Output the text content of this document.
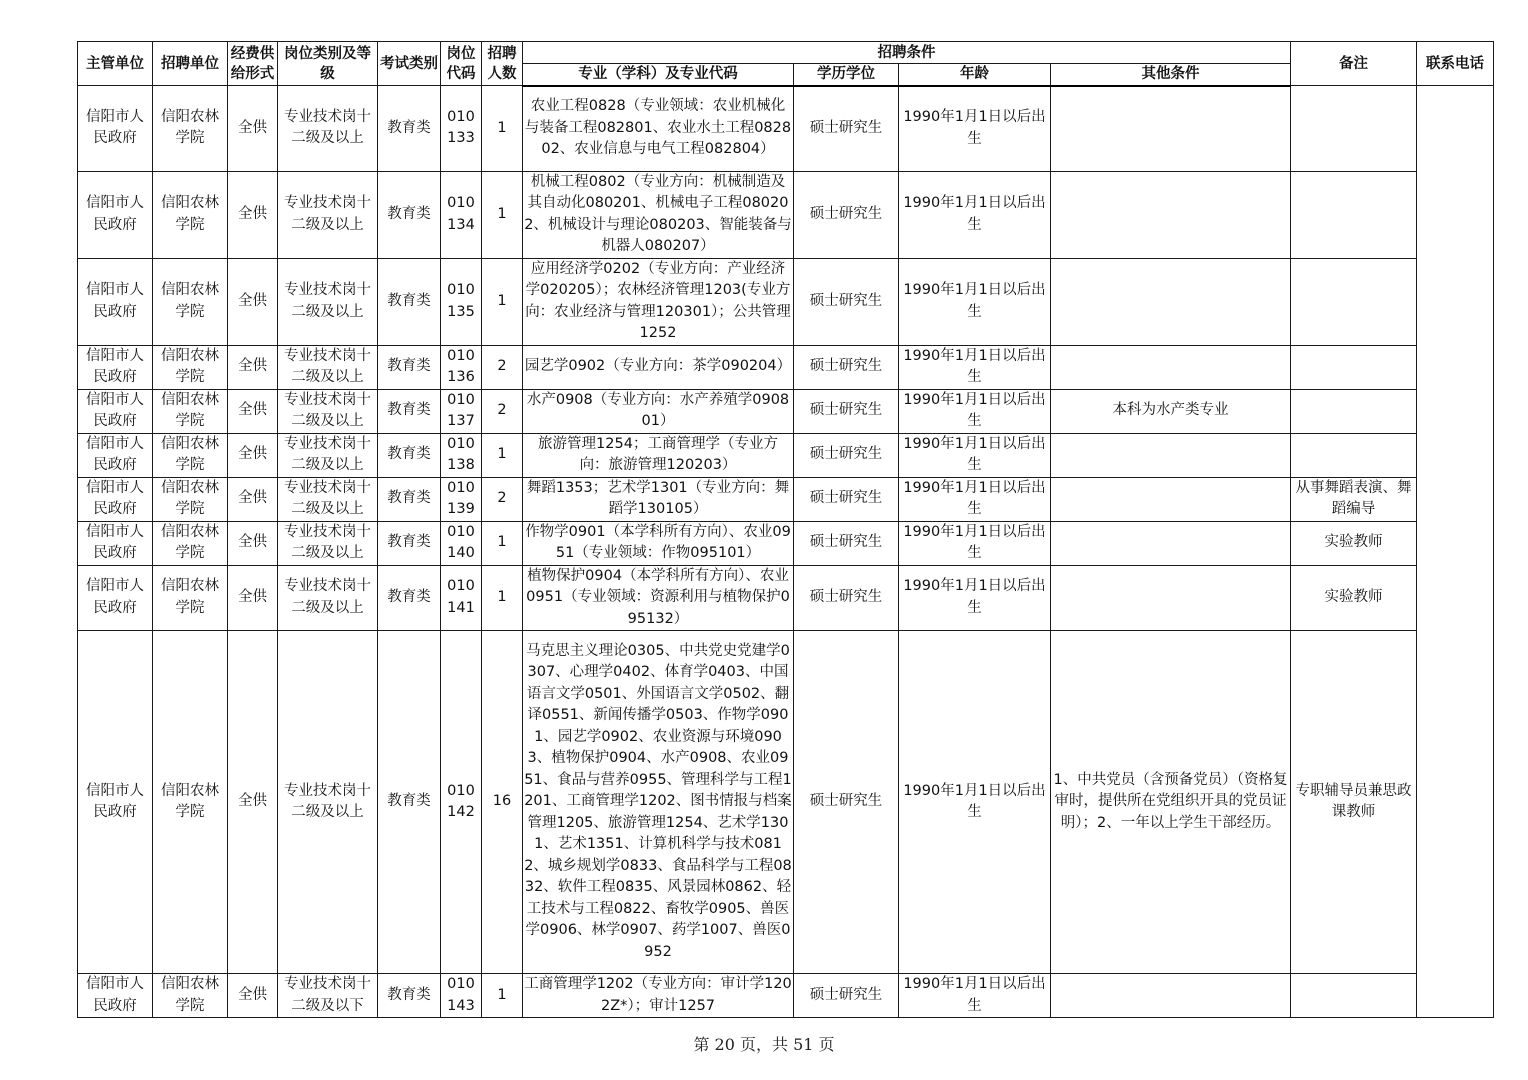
主管单位	招聘单位	经费供给形式	岗位类别及等级	考试类别	岗位代码	招聘人数	招聘条件				备注	联系电话
							专业（学科）及专业代码	学历学位	年龄	其他条件		
信阳市人民政府	信阳农林学院	全供	专业技术岗十二级及以上	教育类	010133	1	农业工程0828（专业领域：农业机械化与装备工程082801、农业水土工程082802、农业信息与电气工程082804）	硕士研究生	1990年1月1日以后出生			
信阳市人民政府	信阳农林学院	全供	专业技术岗十二级及以上	教育类	010134	1	机械工程0802（专业方向：机械制造及其自动化080201、机械电子工程080202、机械设计与理论080203、智能装备与机器人080207）	硕士研究生	1990年1月1日以后出生			
信阳市人民政府	信阳农林学院	全供	专业技术岗十二级及以上	教育类	010135	1	应用经济学0202（专业方向：产业经济学020205）；农林经济管理1203(专业方向：农业经济与管理120301）；公共管理1252	硕士研究生	1990年1月1日以后出生			
信阳市人民政府	信阳农林学院	全供	专业技术岗十二级及以上	教育类	010136	2	园艺学0902（专业方向：茶学090204）	硕士研究生	1990年1月1日以后出生			
信阳市人民政府	信阳农林学院	全供	专业技术岗十二级及以上	教育类	010137	2	水产0908（专业方向：水产养殖学090801）	硕士研究生	1990年1月1日以后出生	本科为水产类专业		
信阳市人民政府	信阳农林学院	全供	专业技术岗十二级及以上	教育类	010138	1	旅游管理1254；工商管理学（专业方向：旅游管理120203）	硕士研究生	1990年1月1日以后出生			
信阳市人民政府	信阳农林学院	全供	专业技术岗十二级及以上	教育类	010139	2	舞蹈1353；艺术学1301（专业方向：舞蹈学130105）	硕士研究生	1990年1月1日以后出生		从事舞蹈表演、舞蹈编导	
信阳市人民政府	信阳农林学院	全供	专业技术岗十二级及以上	教育类	010140	1	作物学0901（本学科所有方向）、农业0951（专业领域：作物095101）	硕士研究生	1990年1月1日以后出生		实验教师	
信阳市人民政府	信阳农林学院	全供	专业技术岗十二级及以上	教育类	010141	1	植物保护0904（本学科所有方向）、农业0951（专业领域：资源利用与植物保护095132）	硕士研究生	1990年1月1日以后出生		实验教师	
信阳市人民政府	信阳农林学院	全供	专业技术岗十二级及以上	教育类	010142	16	马克思主义理论0305、中共党史党建学0307、心理学0402、体育学0403、中国语言文学0501、外国语言文学0502、翻译0551、新闻传播学0503、作物学0901、园艺学0902、农业资源与环境0903、植物保护0904、水产0908、农业0951、食品与营养0955、管理科学与工程1201、工商管理学1202、图书情报与档案管理1205、旅游管理1254、艺术学1301、艺术1351、计算机科学与技术0812、城乡规划学0833、食品科学与工程0832、软件工程0835、风景园林0862、轻工技术与工程0822、畜牧学0905、兽医学0906、林学0907、药学1007、兽医0952	硕士研究生	1990年1月1日以后出生	1、中共党员（含预备党员）（资格复审时，提供所在党组织开具的党员证明）；2、一年以上学生干部经历。	专职辅导员兼思政课教师	
信阳市人民政府	信阳农林学院	全供	专业技术岗十二级及以下	教育类	010143	1	工商管理学1202（专业方向：审计学1202Z*）；审计1257	硕士研究生	1990年1月1日以后出生			
第 20 页，共 51 页
